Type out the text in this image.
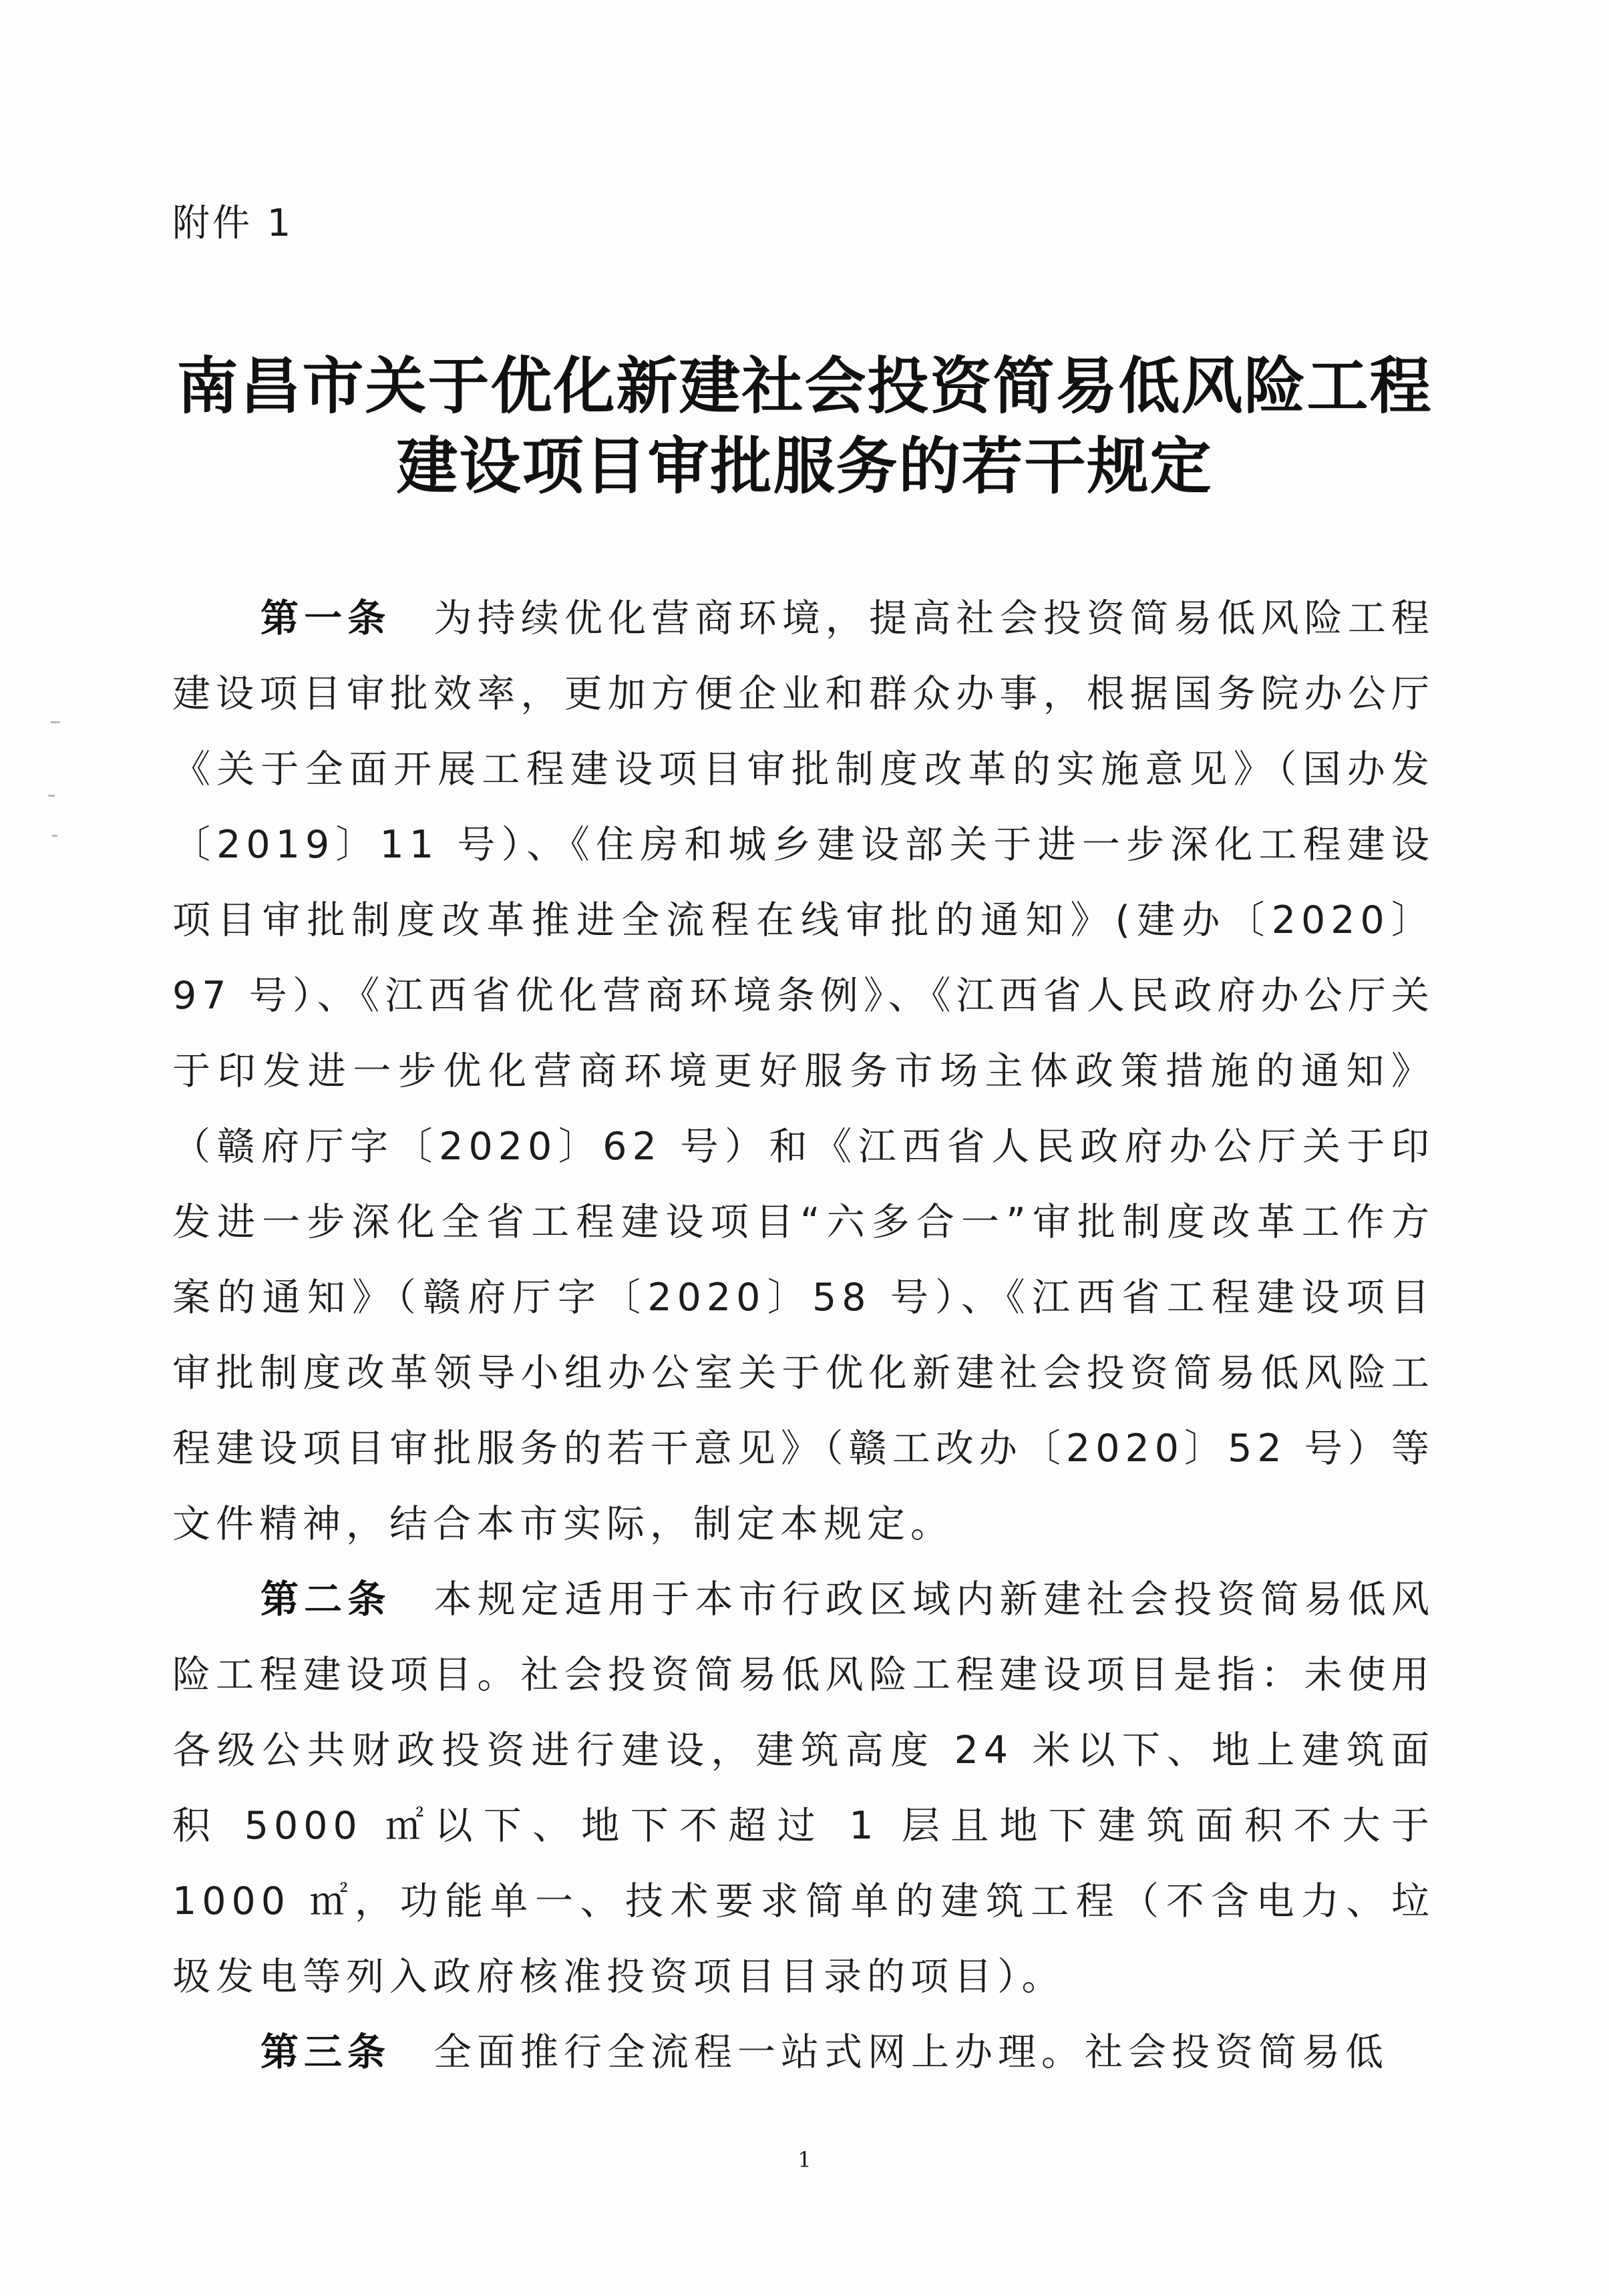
附件 1
南昌市关于优化新建社会投资简易低风险工程
建设项目审批服务的若干规定

第一条 为持续优化营商环境，提高社会投资简易低风险工程建设项目审批效率，更加方便企业和群众办事，根据国务院办公厅《关于全面开展工程建设项目审批制度改革的实施意见》（国办发〔2019〕11 号）、《住房和城乡建设部关于进一步深化工程建设项目审批制度改革推进全流程在线审批的通知》(建办〔2020〕97 号）、《江西省优化营商环境条例》、《江西省人民政府办公厅关于印发进一步优化营商环境更好服务市场主体政策措施的通知》（赣府厅字〔2020〕62 号）和《江西省人民政府办公厅关于印发进一步深化全省工程建设项目“六多合一”审批制度改革工作方案的通知》（赣府厅字〔2020〕58 号）、《江西省工程建设项目审批制度改革领导小组办公室关于优化新建社会投资简易低风险工程建设项目审批服务的若干意见》（赣工改办〔2020〕52 号）等文件精神，结合本市实际，制定本规定。

第二条 本规定适用于本市行政区域内新建社会投资简易低风险工程建设项目。社会投资简易低风险工程建设项目是指：未使用各级公共财政投资进行建设，建筑高度 24 米以下、地上建筑面积 5000 ㎡以下、地下不超过 1 层且地下建筑面积不大于 1000 ㎡，功能单一、技术要求简单的建筑工程（不含电力、垃圾发电等列入政府核准投资项目目录的项目）。

第三条 全面推行全流程一站式网上办理。社会投资简易低

1
